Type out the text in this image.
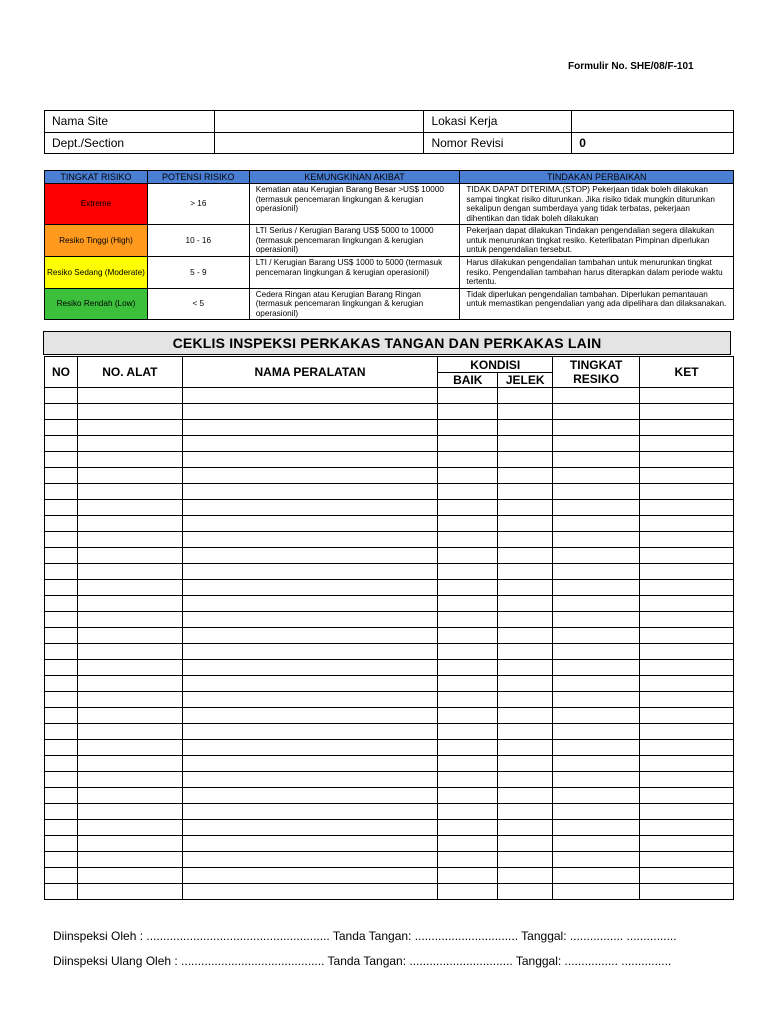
Formulir No. SHE/08/F-101
Nama Site		Lokasi Kerja	
Dept./Section		Nomor Revisi	0
TINGKAT RISIKO	POTENSI RISIKO	KEMUNGKINAN AKIBAT	TINDAKAN PERBAIKAN
Extreme	> 16	Kematian atau Kerugian Barang Besar >US$ 10000 (termasuk pencemaran lingkungan & kerugian operasionil)	TIDAK DAPAT DITERIMA.(STOP) Pekerjaan tidak boleh dilakukan sampai tingkat risiko diturunkan. Jika risiko tidak mungkin diturunkan sekalipun dengan sumberdaya yang tidak terbatas, pekerjaan dihentikan dan tidak boleh dilakukan
Resiko Tinggi (High)	10 - 16	LTI Serius / Kerugian Barang US$ 5000 to 10000 (termasuk pencemaran lingkungan & kerugian operasionil)	Pekerjaan dapat dilakukan Tindakan pengendalian segera dilakukan untuk menurunkan tingkat resiko. Keterlibatan Pimpinan diperlukan untuk pengendalian tersebut.
Resiko Sedang (Moderate)	5 - 9	LTI / Kerugian Barang US$ 1000 to 5000 (termasuk pencemaran lingkungan & kerugian operasionil)	Harus dilakukan pengendalian tambahan untuk menurunkan tingkat resiko. Pengendalian tambahan harus diterapkan dalam periode waktu tertentu.
Resiko Rendah (Low)	< 5	Cedera Ringan atau Kerugian Barang Ringan (termasuk pencemaran lingkungan & kerugian operasionil)	Tidak diperlukan pengendalian tambahan. Diperlukan pemantauan untuk memastikan pengendalian yang ada dipelihara dan dilaksanakan.
CEKLIS INSPEKSI PERKAKAS TANGAN DAN PERKAKAS LAIN
NO	NO. ALAT	NAMA PERALATAN	KONDISI		TINGKAT RESIKO	KET
			BAIK	JELEK		

Diinspeksi Oleh : ....................................................... Tanda Tangan: ............................... Tanggal: ................ ...............
Diinspeksi Ulang Oleh : ........................................... Tanda Tangan: ............................... Tanggal: ................ ...............
